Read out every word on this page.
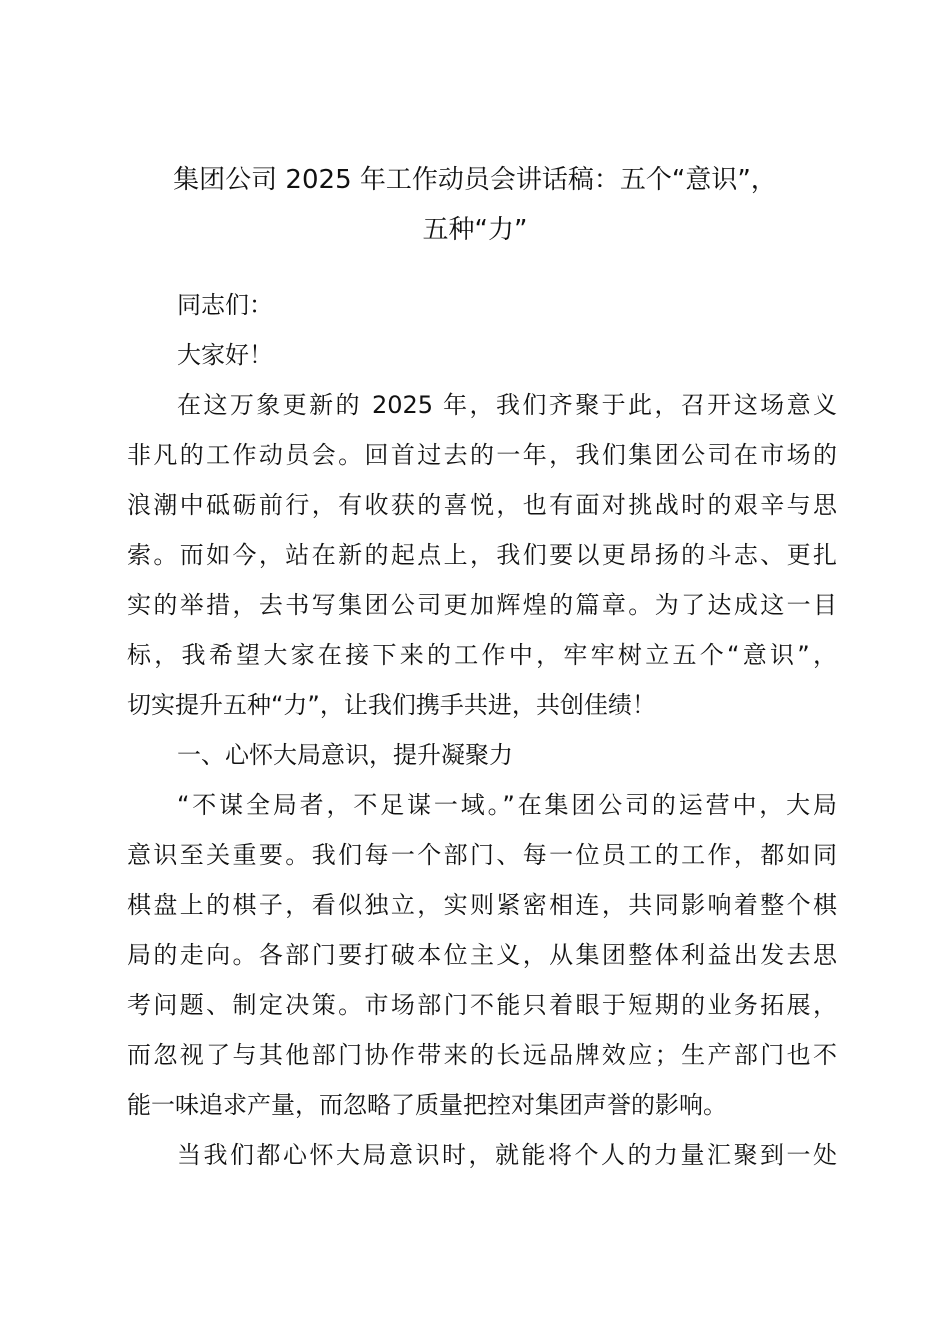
集团公司 2025 年工作动员会讲话稿：五个“意识”，
五种“力”
同志们：
大家好！
在这万象更新的 2025 年，我们齐聚于此，召开这场意义
非凡的工作动员会。回首过去的一年，我们集团公司在市场的
浪潮中砥砺前行，有收获的喜悦，也有面对挑战时的艰辛与思
索。而如今，站在新的起点上，我们要以更昂扬的斗志、更扎
实的举措，去书写集团公司更加辉煌的篇章。为了达成这一目
标，我希望大家在接下来的工作中，牢牢树立五个“意识”，
切实提升五种“力”，让我们携手共进，共创佳绩！
一、心怀大局意识，提升凝聚力
“不谋全局者，不足谋一域。”在集团公司的运营中，大局
意识至关重要。我们每一个部门、每一位员工的工作，都如同
棋盘上的棋子，看似独立，实则紧密相连，共同影响着整个棋
局的走向。各部门要打破本位主义，从集团整体利益出发去思
考问题、制定决策。市场部门不能只着眼于短期的业务拓展，
而忽视了与其他部门协作带来的长远品牌效应；生产部门也不
能一味追求产量，而忽略了质量把控对集团声誉的影响。
当我们都心怀大局意识时，就能将个人的力量汇聚到一处
